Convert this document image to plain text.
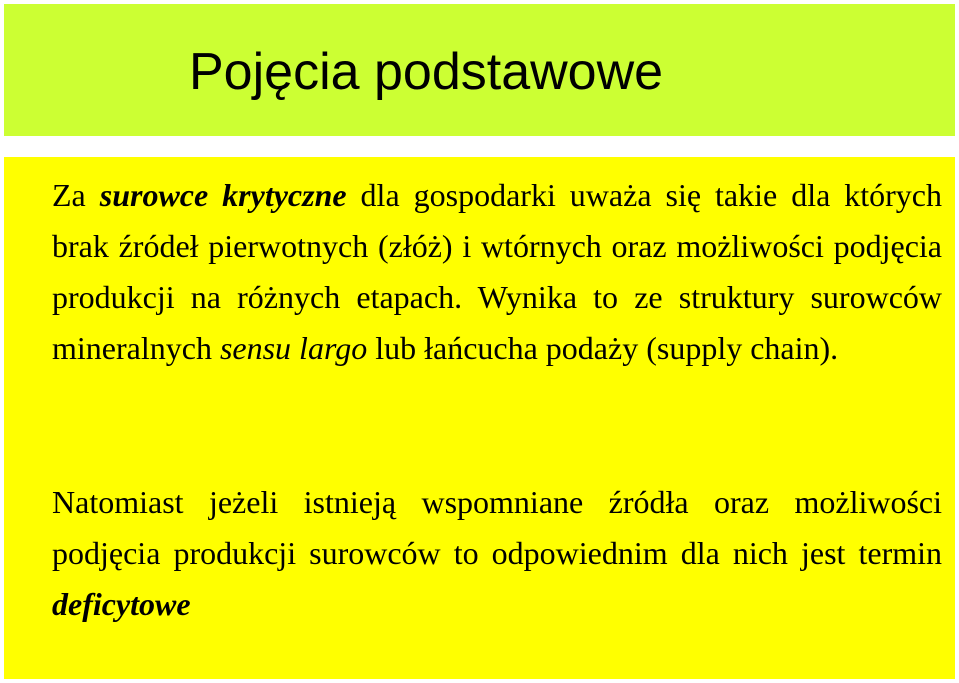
Pojęcia podstawowe

Za surowce krytyczne dla gospodarki uważa się takie dla których brak źródeł pierwotnych (złóż) i wtórnych oraz możliwości podjęcia produkcji na różnych etapach. Wynika to ze struktury surowców mineralnych sensu largo lub łańcucha podaży (supply chain).

Natomiast jeżeli istnieją wspomniane źródła oraz możliwości podjęcia produkcji surowców to odpowiednim dla nich jest termin deficytowe
